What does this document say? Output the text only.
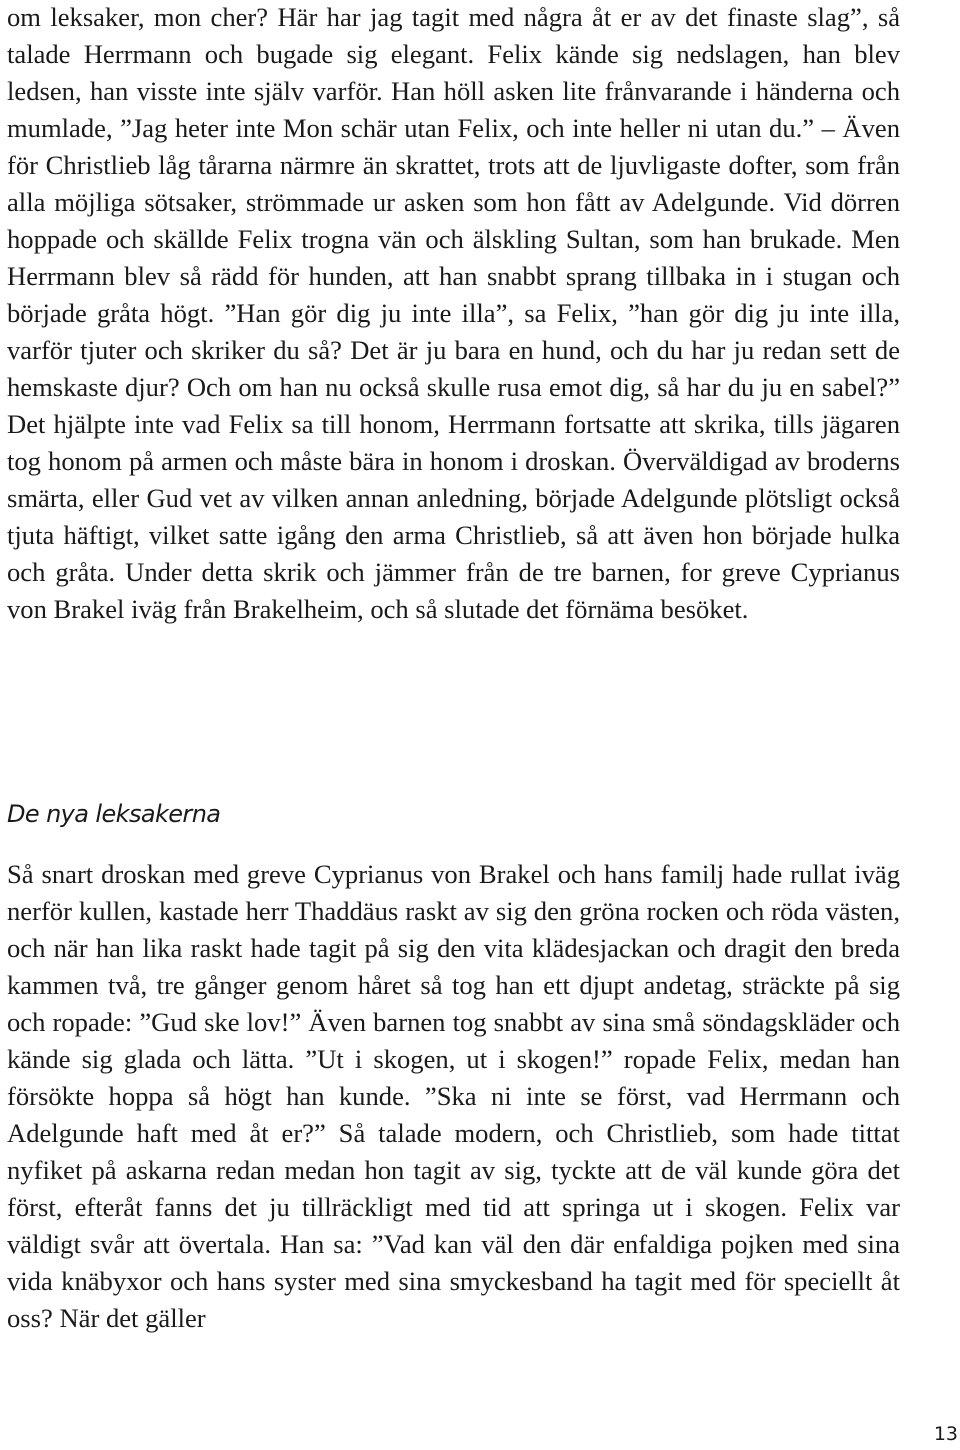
om leksaker, mon cher? Här har jag tagit med några åt er av det finaste slag”, så talade Herrmann och bugade sig elegant. Felix kände sig nedslagen, han blev ledsen, han visste inte själv varför. Han höll asken lite frånvarande i händerna och mumlade, ”Jag heter inte Mon schär utan Felix, och inte heller ni utan du.” – Även för Christlieb låg tårarna närmre än skrattet, trots att de ljuvligaste dofter, som från alla möjliga sötsaker, strömmade ur asken som hon fått av Adelgunde. Vid dörren hoppade och skällde Felix trogna vän och älskling Sultan, som han brukade. Men Herrmann blev så rädd för hunden, att han snabbt sprang tillbaka in i stugan och började gråta högt. ”Han gör dig ju inte illa”, sa Felix, ”han gör dig ju inte illa, varför tjuter och skriker du så? Det är ju bara en hund, och du har ju redan sett de hemskaste djur? Och om han nu också skulle rusa emot dig, så har du ju en sabel?” Det hjälpte inte vad Felix sa till honom, Herrmann fortsatte att skrika, tills jägaren tog honom på armen och måste bära in honom i droskan. Överväldigad av broderns smärta, eller Gud vet av vilken annan anledning, började Adelgunde plötsligt också tjuta häftigt, vilket satte igång den arma Christlieb, så att även hon började hulka och gråta. Under detta skrik och jämmer från de tre barnen, for greve Cyprianus von Brakel iväg från Brakelheim, och så slutade det förnäma besöket.

De nya leksakerna

Så snart droskan med greve Cyprianus von Brakel och hans familj hade rullat iväg nerför kullen, kastade herr Thaddäus raskt av sig den gröna rocken och röda västen, och när han lika raskt hade tagit på sig den vita klädesjackan och dragit den breda kammen två, tre gånger genom håret så tog han ett djupt andetag, sträckte på sig och ropade: ”Gud ske lov!” Även barnen tog snabbt av sina små söndagskläder och kände sig glada och lätta. ”Ut i skogen, ut i skogen!” ropade Felix, medan han försökte hoppa så högt han kunde. ”Ska ni inte se först, vad Herrmann och Adelgunde haft med åt er?” Så talade modern, och Christlieb, som hade tittat nyfiket på askarna redan medan hon tagit av sig, tyckte att de väl kunde göra det först, efteråt fanns det ju tillräckligt med tid att springa ut i skogen. Felix var väldigt svår att övertala. Han sa: ”Vad kan väl den där enfaldiga pojken med sina vida knäbyxor och hans syster med sina smyckesband ha tagit med för speciellt åt oss? När det gäller

13
